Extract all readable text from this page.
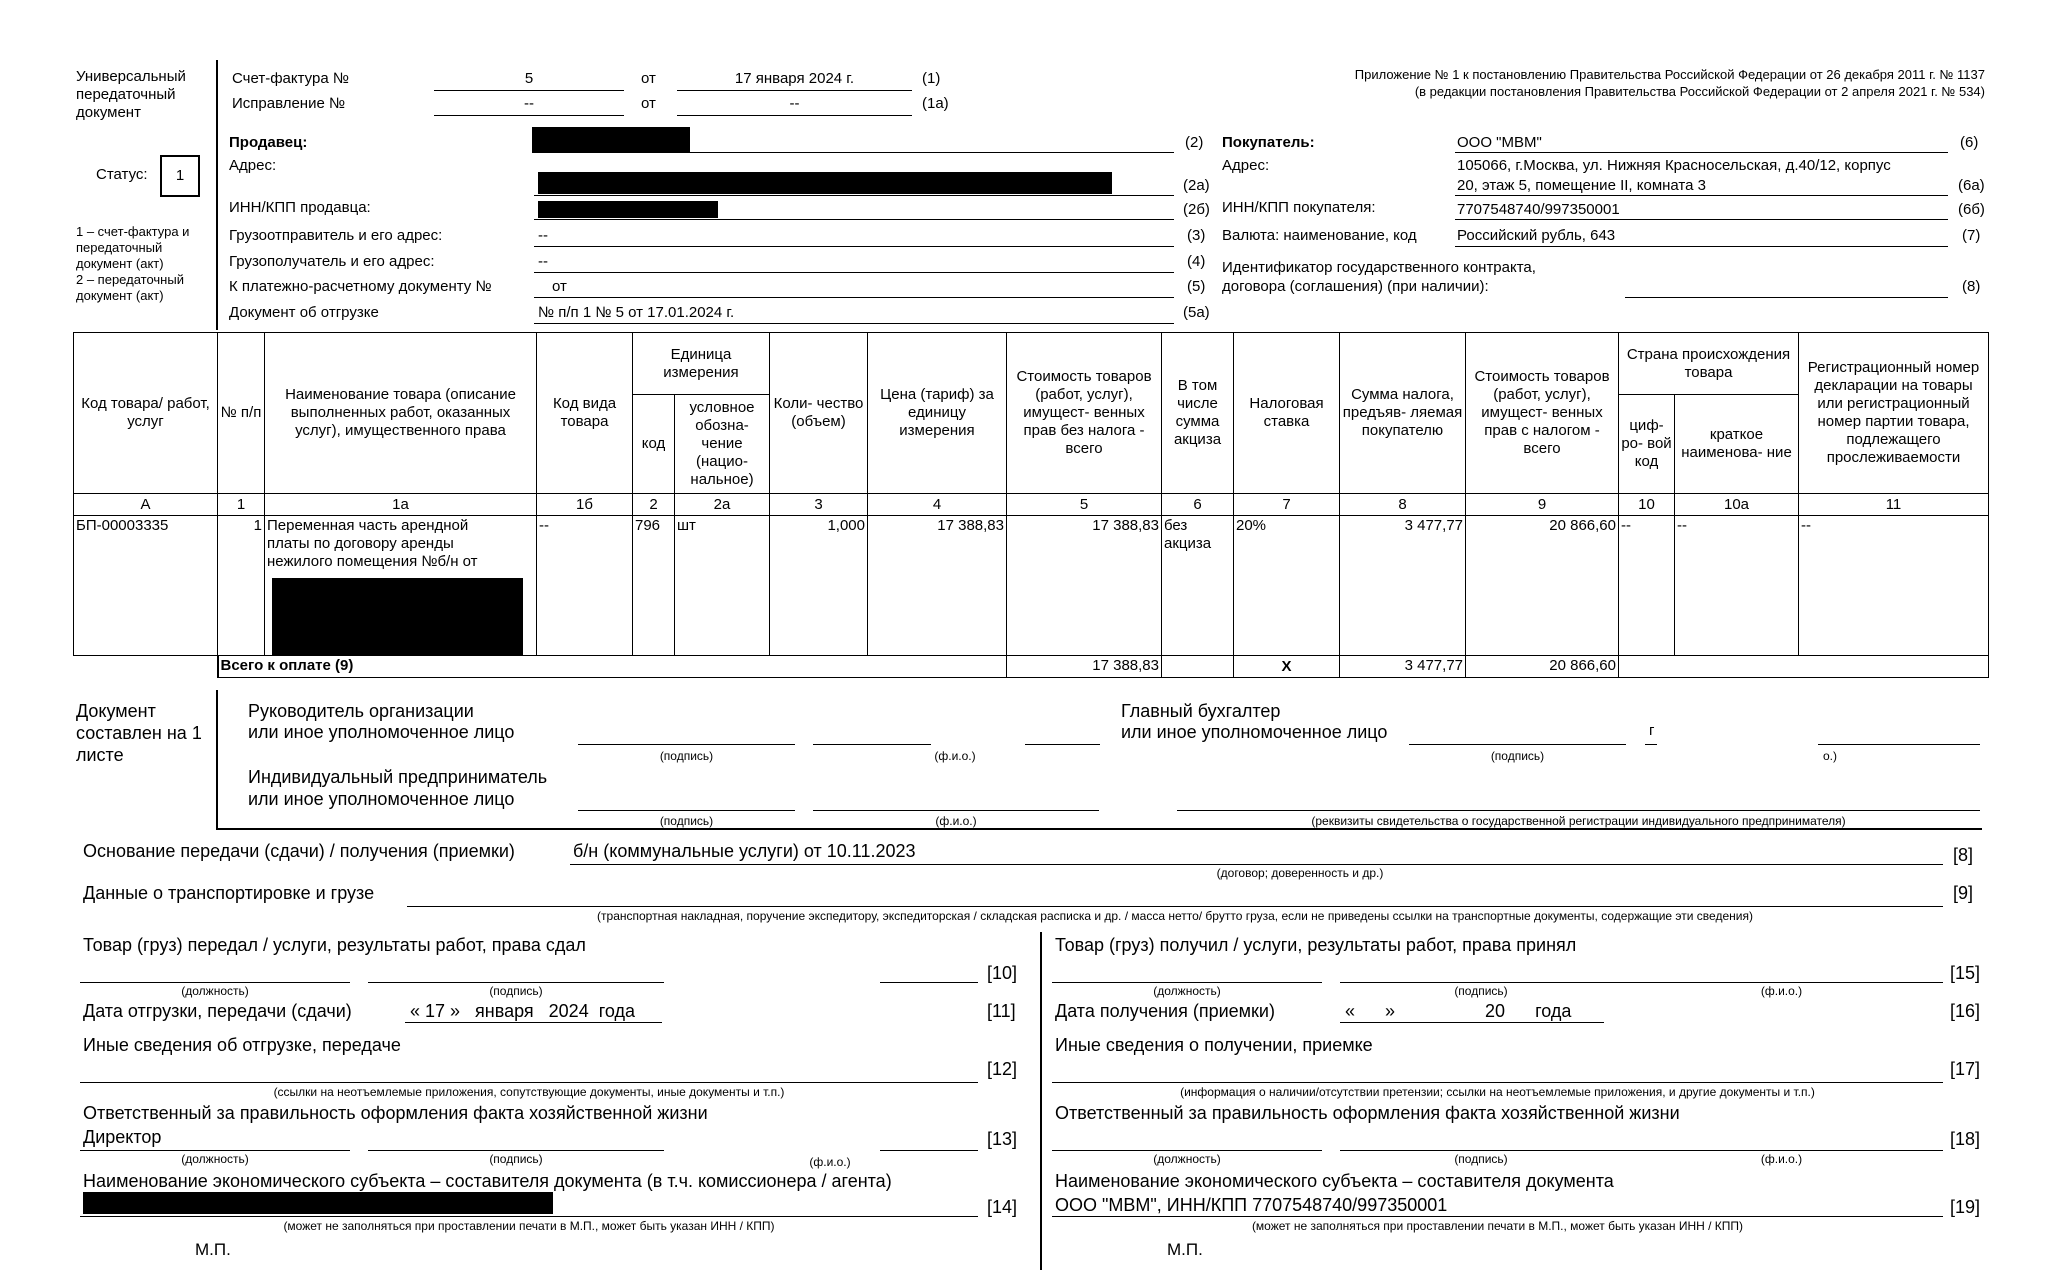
Универсальный передаточный документ
Статус:	1
1 – счет-фактура и передаточный документ (акт)
2 – передаточный документ (акт)
Счет-фактура №	5	от	17 января 2024 г.	(1)
Исправление №	--	от	--	(1а)
Приложение № 1 к постановлению Правительства Российской Федерации от 26 декабря 2011 г. № 1137
(в редакции постановления Правительства Российской Федерации от 2 апреля 2021 г. № 534)
Продавец:	(2)
Адрес:
(2а)
ИНН/КПП продавца:	(2б)
Грузоотправитель и его адрес:	--	(3)
Грузополучатель и его адрес:	--	(4)
К платежно-расчетному документу №	от	(5)
Документ об отгрузке	№ п/п 1 № 5 от 17.01.2024 г.	(5а)
Покупатель:	ООО "МВМ"	(6)
Адрес:	105066, г.Москва, ул. Нижняя Красносельская, д.40/12, корпус
20, этаж 5, помещение II, комната 3	(6а)
ИНН/КПП покупателя:	7707548740/997350001	(6б)
Валюта: наименование, код	Российский рубль, 643	(7)
Идентификатор государственного контракта,
договора (соглашения) (при наличии):	(8)
Код товара/ работ, услуг	№ п/п	Наименование товара (описание выполненных работ, оказанных услуг), имущественного права	Код вида товара	Единица измерения		Коли- чество (объем)	Цена (тариф) за единицу измерения	Стоимость товаров (работ, услуг), имущест- венных прав без налога - всего	В том числе сумма акциза	Налоговая ставка	Сумма налога, предъяв- ляемая покупателю	Стоимость товаров (работ, услуг), имущест- венных прав с налогом - всего	Страна происхождения товара		Регистрационный номер декларации на товары или регистрационный номер партии товара, подлежащего прослеживаемости
				код	условное обозна- чение (нацио- нальное)								циф- ро- вой код	краткое наименова- ние	
А	1	1а	1б	2	2а	3	4	5	6	7	8	9	10	10а	11
БП-00003335	1	Переменная часть арендной платы по договору аренды нежилого помещения №б/н от	--	796	шт	1,000	17 388,83	17 388,83	без акциза	20%	3 477,77	20 866,60	--	--	--
	Всего к оплате (9)							17 388,83		Х	3 477,77	20 866,60			
Документ составлен на 1 листе
Руководитель организации
или иное уполномоченное лицо
(подпись)	(ф.и.о.)
Главный бухгалтер
или иное уполномоченное лицо	г
(подпись)	о.)
Индивидуальный предприниматель
или иное уполномоченное лицо
(подпись)	(ф.и.о.)	(реквизиты свидетельства о государственной регистрации индивидуального предпринимателя)
Основание передачи (сдачи) / получения (приемки)	б/н (коммунальные услуги) от 10.11.2023	[8]
(договор; доверенность и др.)
Данные о транспортировке и грузе	[9]
(транспортная накладная, поручение экспедитору, экспедиторская / складская расписка и др. / масса нетто/ брутто груза, если не приведены ссылки на транспортные документы, содержащие эти сведения)
Товар (груз) передал / услуги, результаты работ, права сдал
[10]
(должность)	(подпись)
Дата отгрузки, передачи (сдачи)	« 17 »   января   2024  года	[11]
Иные сведения об отгрузке, передаче
[12]
(ссылки на неотъемлемые приложения, сопутствующие документы, иные документы и т.п.)
Ответственный за правильность оформления факта хозяйственной жизни
Директор	[13]
(должность)	(подпись)	(ф.и.о.)
Наименование экономического субъекта – составителя документа (в т.ч. комиссионера / агента)
[14]
(может не заполняться при проставлении печати в М.П., может быть указан ИНН / КПП)
М.П.
Товар (груз) получил / услуги, результаты работ, права принял
[15]
(должность)	(подпись)	(ф.и.о.)
Дата получения (приемки)	«      »                  20      года	[16]
Иные сведения о получении, приемке
[17]
(информация о наличии/отсутствии претензии; ссылки на неотъемлемые приложения, и другие документы и т.п.)
Ответственный за правильность оформления факта хозяйственной жизни
[18]
(должность)	(подпись)	(ф.и.о.)
Наименование экономического субъекта – составителя документа
ООО "МВМ", ИНН/КПП 7707548740/997350001	[19]
(может не заполняться при проставлении печати в М.П., может быть указан ИНН / КПП)
М.П.
